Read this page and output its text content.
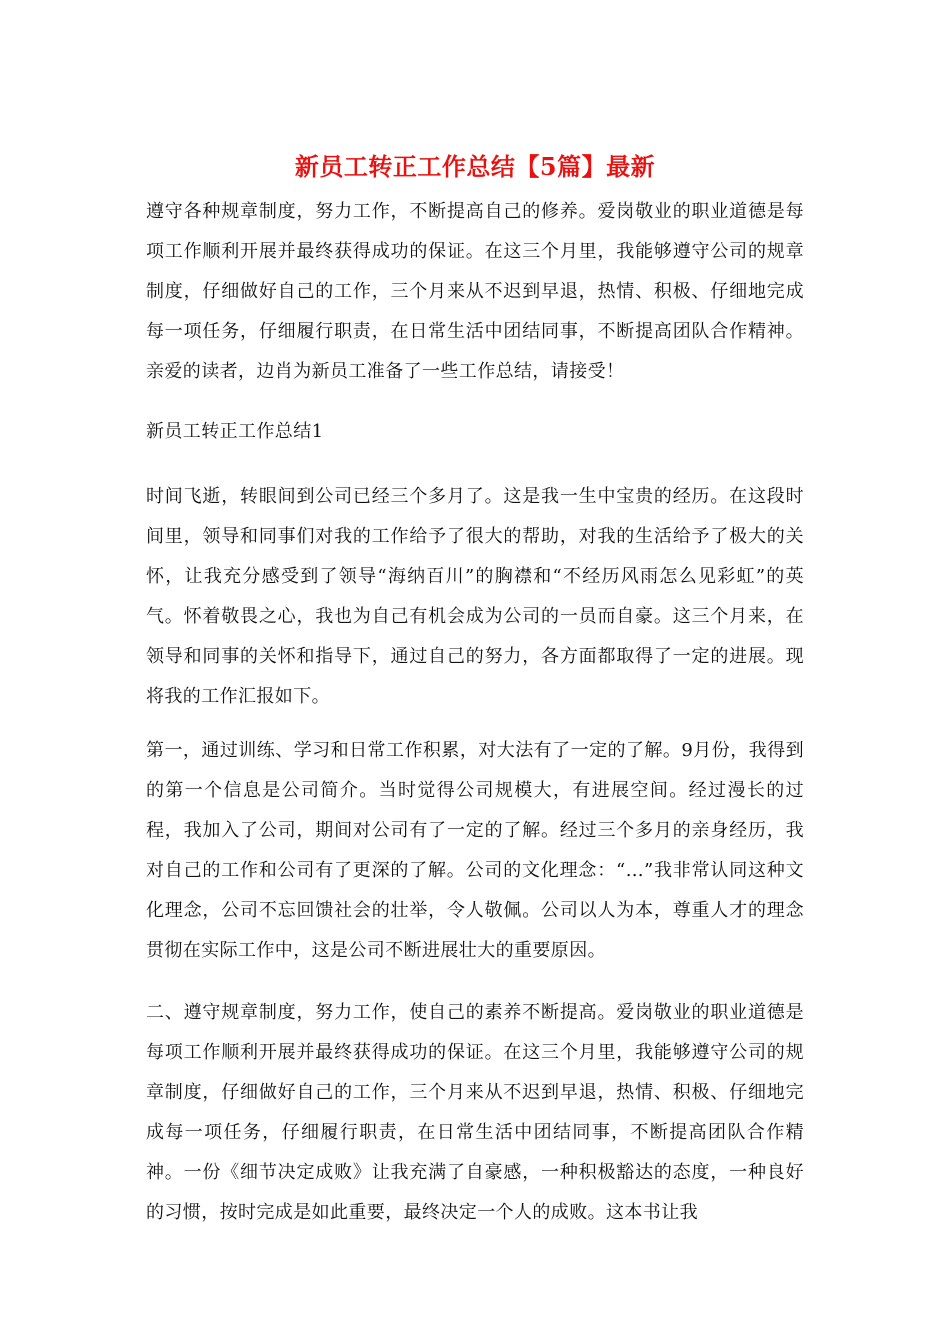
新员工转正工作总结【5篇】最新

遵守各种规章制度，努力工作，不断提高自己的修养。爱岗敬业的职业道德是每项工作顺利开展并最终获得成功的保证。在这三个月里，我能够遵守公司的规章制度，仔细做好自己的工作，三个月来从不迟到早退，热情、积极、仔细地完成每一项任务，仔细履行职责，在日常生活中团结同事，不断提高团队合作精神。亲爱的读者，边肖为新员工准备了一些工作总结，请接受！

新员工转正工作总结1

时间飞逝，转眼间到公司已经三个多月了。这是我一生中宝贵的经历。在这段时间里，领导和同事们对我的工作给予了很大的帮助，对我的生活给予了极大的关怀，让我充分感受到了领导“海纳百川”的胸襟和“不经历风雨怎么见彩虹”的英气。怀着敬畏之心，我也为自己有机会成为公司的一员而自豪。这三个月来，在领导和同事的关怀和指导下，通过自己的努力，各方面都取得了一定的进展。现将我的工作汇报如下。

第一，通过训练、学习和日常工作积累，对大法有了一定的了解。9月份，我得到的第一个信息是公司简介。当时觉得公司规模大，有进展空间。经过漫长的过程，我加入了公司，期间对公司有了一定的了解。经过三个多月的亲身经历，我对自己的工作和公司有了更深的了解。公司的文化理念：“…”我非常认同这种文化理念，公司不忘回馈社会的壮举，令人敬佩。公司以人为本，尊重人才的理念贯彻在实际工作中，这是公司不断进展壮大的重要原因。

二、遵守规章制度，努力工作，使自己的素养不断提高。爱岗敬业的职业道德是每项工作顺利开展并最终获得成功的保证。在这三个月里，我能够遵守公司的规章制度，仔细做好自己的工作，三个月来从不迟到早退，热情、积极、仔细地完成每一项任务，仔细履行职责，在日常生活中团结同事，不断提高团队合作精神。一份《细节决定成败》让我充满了自豪感，一种积极豁达的态度，一种良好的习惯，按时完成是如此重要，最终决定一个人的成败。这本书让我
